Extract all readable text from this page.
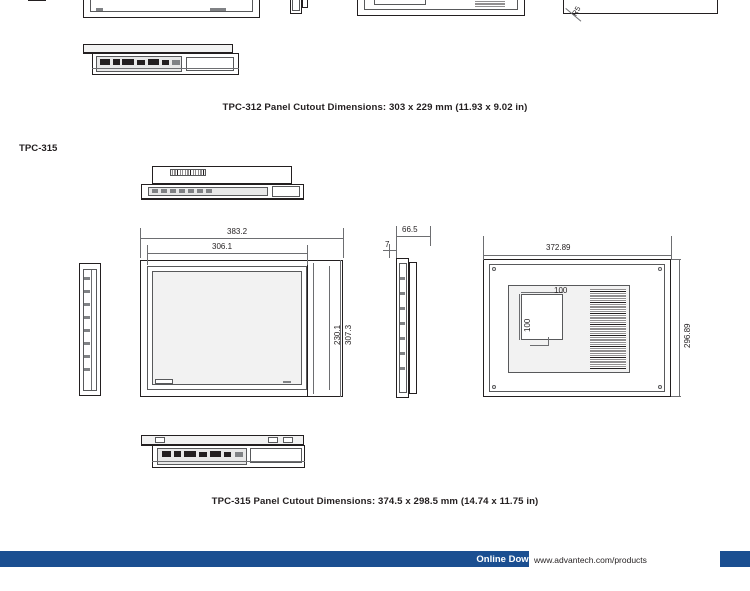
R5
TPC-312 Panel Cutout Dimensions: 303 x 229 mm (11.93 x 9.02 in)
TPC-315
383.2
306.1
307.3
230.1
66.5
7
100
100
372.89
296.89
TPC-315 Panel Cutout Dimensions: 374.5 x 298.5 mm (14.74 x 11.75 in)
Online Download
www.advantech.com/products
